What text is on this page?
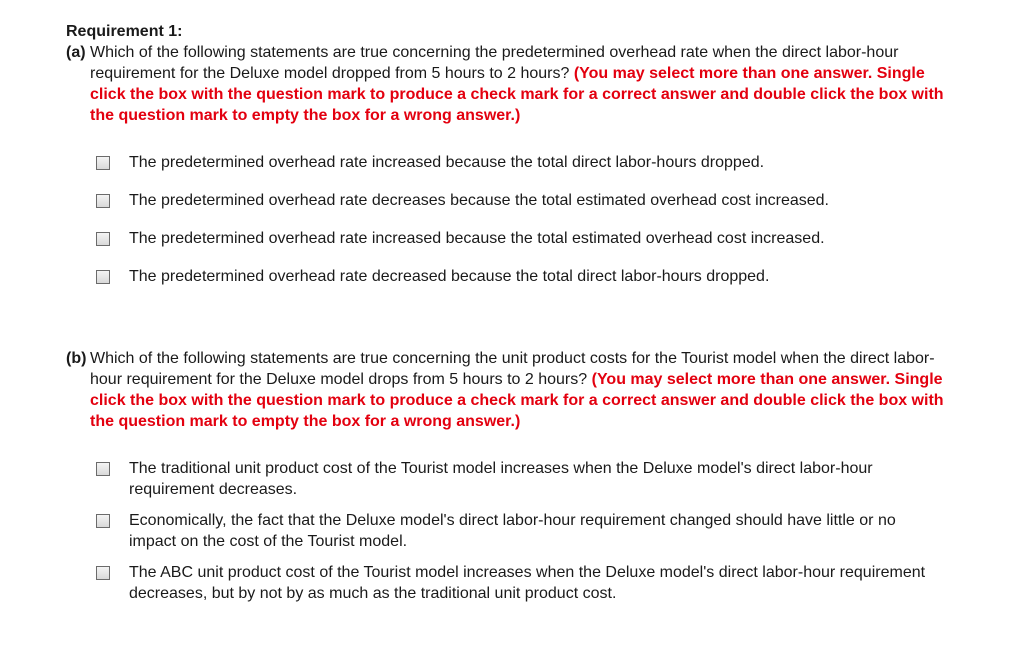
Requirement 1:
(a) Which of the following statements are true concerning the predetermined overhead rate when the direct labor-hour requirement for the Deluxe model dropped from 5 hours to 2 hours? (You may select more than one answer. Single click the box with the question mark to produce a check mark for a correct answer and double click the box with the question mark to empty the box for a wrong answer.)
The predetermined overhead rate increased because the total direct labor-hours dropped.
The predetermined overhead rate decreases because the total estimated overhead cost increased.
The predetermined overhead rate increased because the total estimated overhead cost increased.
The predetermined overhead rate decreased because the total direct labor-hours dropped.
(b) Which of the following statements are true concerning the unit product costs for the Tourist model when the direct labor-hour requirement for the Deluxe model drops from 5 hours to 2 hours? (You may select more than one answer. Single click the box with the question mark to produce a check mark for a correct answer and double click the box with the question mark to empty the box for a wrong answer.)
The traditional unit product cost of the Tourist model increases when the Deluxe model's direct labor-hour requirement decreases.
Economically, the fact that the Deluxe model's direct labor-hour requirement changed should have little or no impact on the cost of the Tourist model.
The ABC unit product cost of the Tourist model increases when the Deluxe model's direct labor-hour requirement decreases, but by not by as much as the traditional unit product cost.
